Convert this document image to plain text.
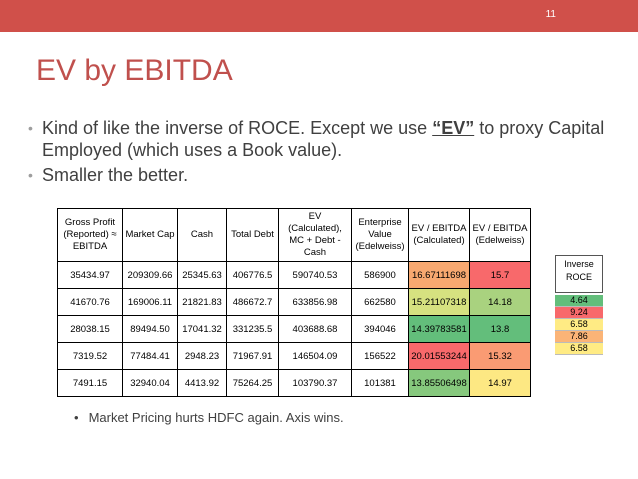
11
EV by EBITDA
• Kind of like the inverse of ROCE. Except we use “EV” to proxy Capital Employed (which uses a Book value).
• Smaller the better.
Gross Profit (Reported) ≈ EBITDA	Market Cap	Cash	Total Debt	EV (Calculated), MC + Debt - Cash	Enterprise Value (Edelweiss)	EV / EBITDA (Calculated)	EV / EBITDA (Edelweiss)
35434.97	209309.66	25345.63	406776.5	590740.53	586900	16.67111698	15.7
41670.76	169006.11	21821.83	486672.7	633856.98	662580	15.21107318	14.18
28038.15	89494.50	17041.32	331235.5	403688.68	394046	14.39783581	13.8
7319.52	77484.41	2948.23	71967.91	146504.09	156522	20.01553244	15.32
7491.15	32940.04	4413.92	75264.25	103790.37	101381	13.85506498	14.97
Inverse ROCE
4.64
9.24
6.58
7.86
6.58
• Market Pricing hurts HDFC again. Axis wins.
